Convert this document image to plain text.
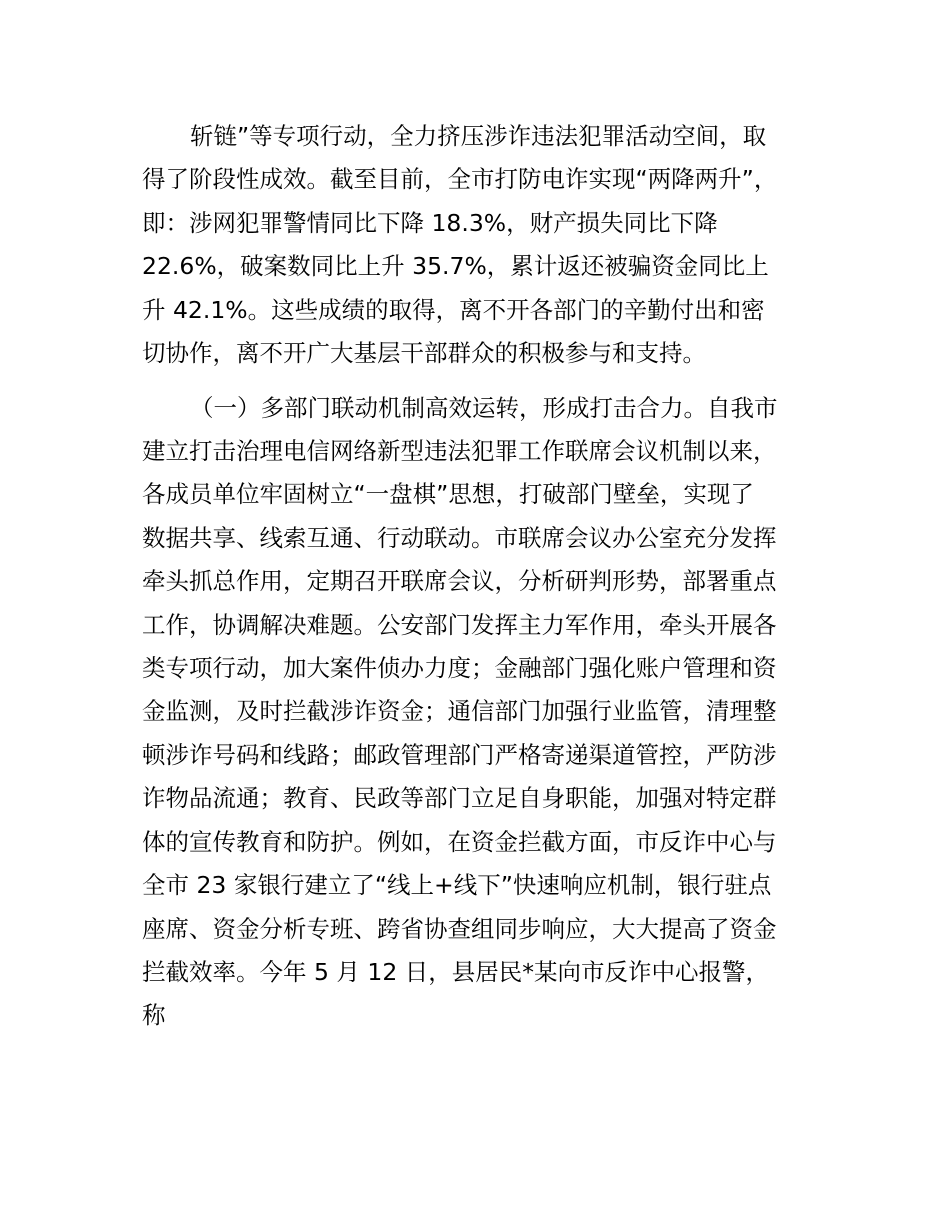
斩链”等专项行动，全力挤压涉诈违法犯罪活动空间，取

得了阶段性成效。截至目前，全市打防电诈实现“两降两升”，

即：涉网犯罪警情同比下降 18.3%，财产损失同比下降

22.6%，破案数同比上升 35.7%，累计返还被骗资金同比上

升 42.1%。这些成绩的取得，离不开各部门的辛勤付出和密

切协作，离不开广大基层干部群众的积极参与和支持。

（一）多部门联动机制高效运转，形成打击合力。自我市

建立打击治理电信网络新型违法犯罪工作联席会议机制以来，

各成员单位牢固树立“一盘棋”思想，打破部门壁垒，实现了

数据共享、线索互通、行动联动。市联席会议办公室充分发挥

牵头抓总作用，定期召开联席会议，分析研判形势，部署重点

工作，协调解决难题。公安部门发挥主力军作用，牵头开展各

类专项行动，加大案件侦办力度；金融部门强化账户管理和资

金监测，及时拦截涉诈资金；通信部门加强行业监管，清理整

顿涉诈号码和线路；邮政管理部门严格寄递渠道管控，严防涉

诈物品流通；教育、民政等部门立足自身职能，加强对特定群

体的宣传教育和防护。例如，在资金拦截方面，市反诈中心与

全市 23 家银行建立了“线上+线下”快速响应机制，银行驻点

座席、资金分析专班、跨省协查组同步响应，大大提高了资金

拦截效率。今年 5 月 12 日，县居民*某向市反诈中心报警，

称
